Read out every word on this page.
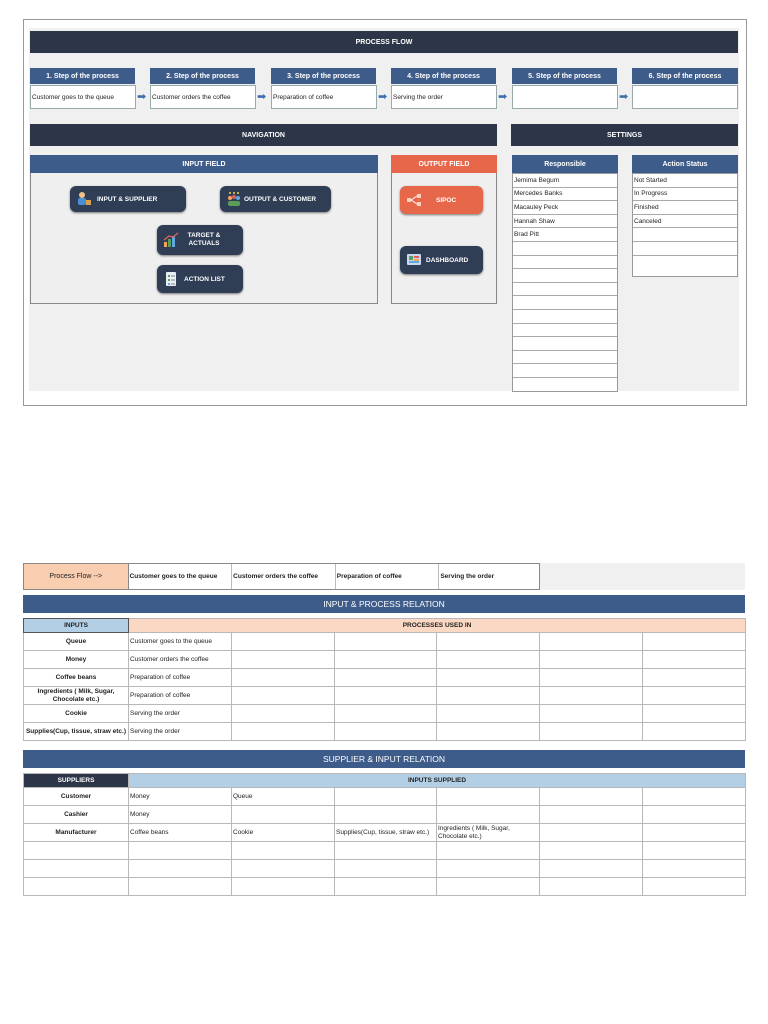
PROCESS FLOW
1. Step of the process
Customer goes to the queue	➡
2. Step of the process
Customer orders the coffee	➡
3. Step of the process
Preparation of coffee	➡
4. Step of the process
Serving the order	➡
5. Step of the process
➡
6. Step of the process
NAVIGATION	SETTINGS
INPUT FIELD
INPUT & SUPPLIER	OUTPUT & CUSTOMER
TARGET & ACTUALS
ACTION LIST
OUTPUT FIELD
SIPOC
DASHBOARD
Responsible
Jemima Begum
Mercedes Banks
Macauley Peck
Hannah Shaw
Brad Pitt
Action Status
Not Started
In Progress
Finished
Canceled
Process Flow -->	Customer goes to the queue	Customer orders the coffee	Preparation of coffee	Serving the order
INPUT & PROCESS RELATION
INPUTS	PROCESSES USED IN					
Queue	Customer goes to the queue					
Money	Customer orders the coffee					
Coffee beans	Preparation of coffee					
Ingredients ( Milk, Sugar, Chocolate etc.)	Preparation of coffee					
Cookie	Serving the order					
Supplies(Cup, tissue, straw etc.)	Serving the order					
SUPPLIER & INPUT RELATION
SUPPLIERS	INPUTS SUPPLIED					
Customer	Money	Queue				
Cashier	Money					
Manufacturer	Coffee beans	Cookie	Supplies(Cup, tissue, straw etc.)	Ingredients ( Milk, Sugar, Chocolate etc.)		
